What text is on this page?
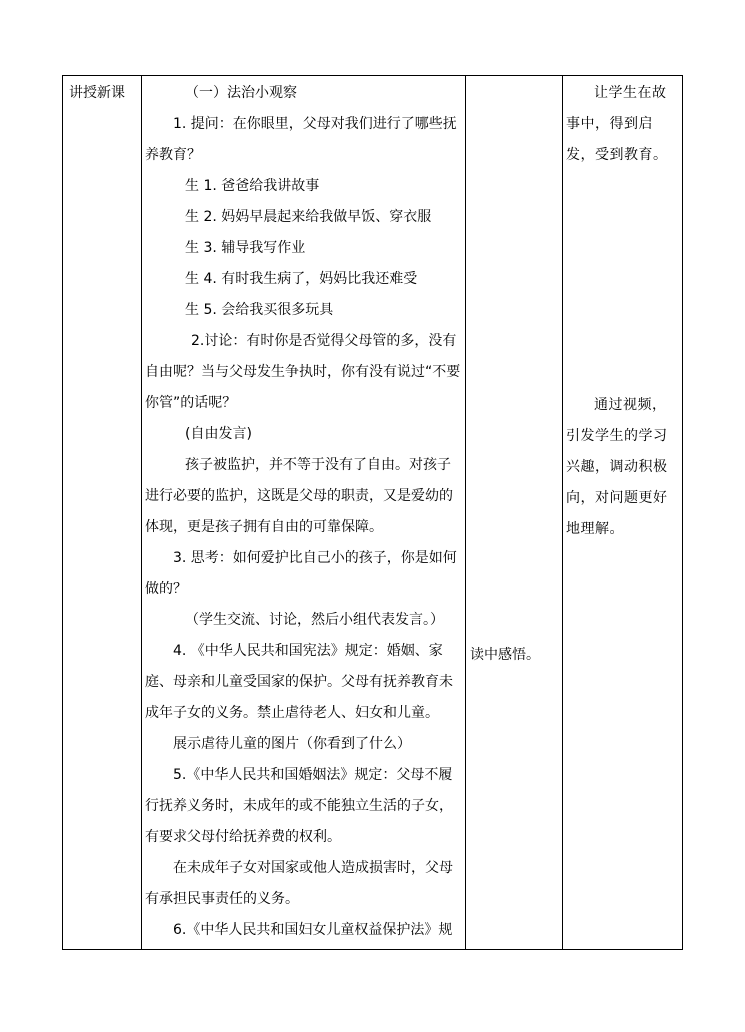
讲授新课	（一）法治小观察

1. 提问：在你眼里，父母对我们进行了哪些抚养教育？

生 1. 爸爸给我讲故事

生 2. 妈妈早晨起来给我做早饭、穿衣服

生 3. 辅导我写作业

生 4. 有时我生病了，妈妈比我还难受

生 5. 会给我买很多玩具

2.讨论：有时你是否觉得父母管的多，没有自由呢？当与父母发生争执时，你有没有说过“不要你管”的话呢？

(自由发言)

孩子被监护，并不等于没有了自由。对孩子进行必要的监护，这既是父母的职责，又是爱幼的体现，更是孩子拥有自由的可靠保障。

3. 思考：如何爱护比自己小的孩子，你是如何做的？

（学生交流、讨论，然后小组代表发言。）

4. 《中华人民共和国宪法》规定：婚姻、家庭、母亲和儿童受国家的保护。父母有抚养教育未成年子女的义务。禁止虐待老人、妇女和儿童。

展示虐待儿童的图片（你看到了什么）

5.《中华人民共和国婚姻法》规定：父母不履行抚养义务时，未成年的或不能独立生活的子女，有要求父母付给抚养费的权利。

在未成年子女对国家或他人造成损害时，父母有承担民事责任的义务。

6.《中华人民共和国妇女儿童权益保护法》规

读中感悟。

让学生在故事中，得到启发，受到教育。

通过视频，引发学生的学习兴趣，调动积极向，对问题更好地理解。
